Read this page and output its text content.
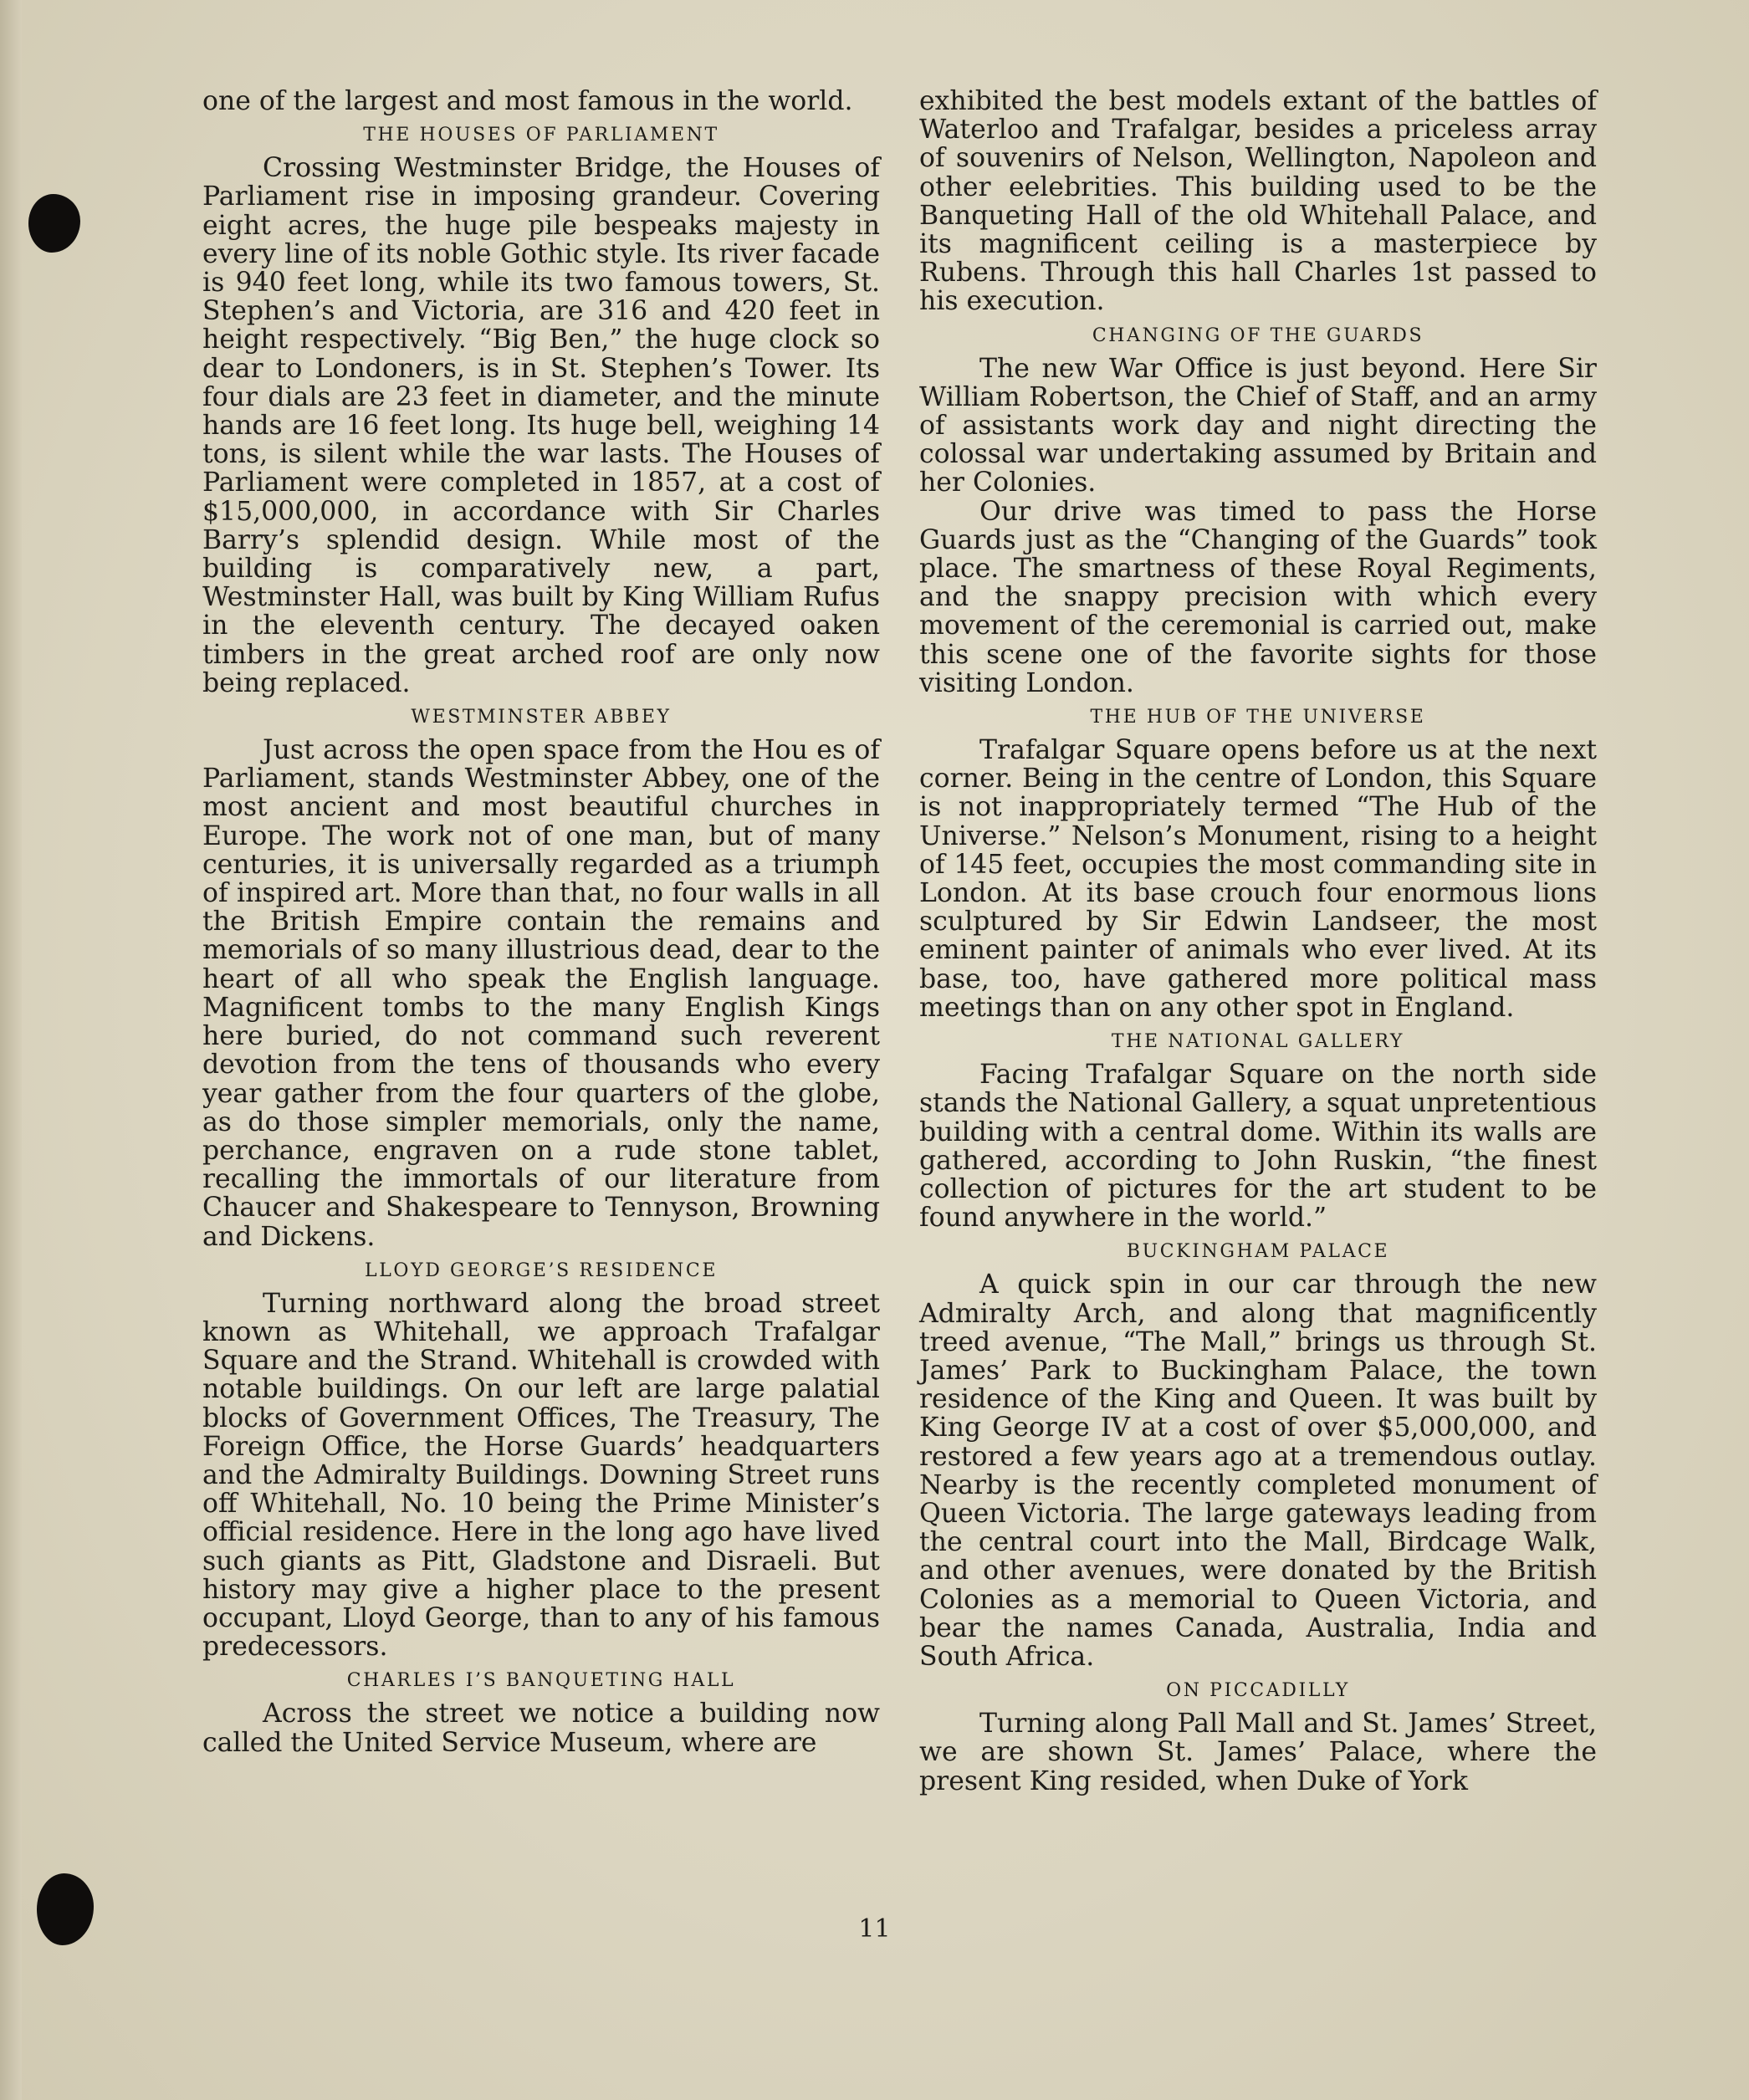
one of the largest and most famous in the world.

THE HOUSES OF PARLIAMENT

Crossing Westminster Bridge, the Houses of Parliament rise in imposing grandeur. Covering eight acres, the huge pile bespeaks majesty in every line of its noble Gothic style. Its river facade is 940 feet long, while its two famous towers, St. Stephen’s and Victoria, are 316 and 420 feet in height respectively. “Big Ben,” the huge clock so dear to Londoners, is in St. Stephen’s Tower. Its four dials are 23 feet in diameter, and the minute hands are 16 feet long. Its huge bell, weighing 14 tons, is silent while the war lasts. The Houses of Parliament were completed in 1857, at a cost of $15,000,000, in accordance with Sir Charles Barry’s splendid design. While most of the building is comparatively new, a part, Westminster Hall, was built by King William Rufus in the eleventh century. The decayed oaken timbers in the great arched roof are only now being replaced.

WESTMINSTER ABBEY

Just across the open space from the Hou es of Parliament, stands Westminster Abbey, one of the most ancient and most beautiful churches in Europe. The work not of one man, but of many centuries, it is universally regarded as a triumph of inspired art. More than that, no four walls in all the British Empire contain the remains and memorials of so many illustrious dead, dear to the heart of all who speak the English language. Magnificent tombs to the many English Kings here buried, do not command such reverent devotion from the tens of thousands who every year gather from the four quarters of the globe, as do those simpler memorials, only the name, perchance, engraven on a rude stone tablet, recalling the immortals of our literature from Chaucer and Shakespeare to Tennyson, Browning and Dickens.

LLOYD GEORGE’S RESIDENCE

Turning northward along the broad street known as Whitehall, we approach Trafalgar Square and the Strand. Whitehall is crowded with notable buildings. On our left are large palatial blocks of Government Offices, The Treasury, The Foreign Office, the Horse Guards’ headquarters and the Admiralty Buildings. Downing Street runs off Whitehall, No. 10 being the Prime Minister’s official residence. Here in the long ago have lived such giants as Pitt, Gladstone and Disraeli. But history may give a higher place to the present occupant, Lloyd George, than to any of his famous predecessors.

CHARLES I’S BANQUETING HALL

Across the street we notice a building now called the United Service Museum, where are

exhibited the best models extant of the battles of Waterloo and Trafalgar, besides a priceless array of souvenirs of Nelson, Wellington, Napoleon and other eelebrities. This building used to be the Banqueting Hall of the old Whitehall Palace, and its magnificent ceiling is a masterpiece by Rubens. Through this hall Charles 1st passed to his execution.

CHANGING OF THE GUARDS

The new War Office is just beyond. Here Sir William Robertson, the Chief of Staff, and an army of assistants work day and night directing the colossal war undertaking assumed by Britain and her Colonies.

Our drive was timed to pass the Horse Guards just as the “Changing of the Guards” took place. The smartness of these Royal Regiments, and the snappy precision with which every movement of the ceremonial is carried out, make this scene one of the favorite sights for those visiting London.

THE HUB OF THE UNIVERSE

Trafalgar Square opens before us at the next corner. Being in the centre of London, this Square is not inappropriately termed “The Hub of the Universe.” Nelson’s Monument, rising to a height of 145 feet, occupies the most commanding site in London. At its base crouch four enormous lions sculptured by Sir Edwin Landseer, the most eminent painter of animals who ever lived. At its base, too, have gathered more political mass meetings than on any other spot in England.

THE NATIONAL GALLERY

Facing Trafalgar Square on the north side stands the National Gallery, a squat unpretentious building with a central dome. Within its walls are gathered, according to John Ruskin, “the finest collection of pictures for the art student to be found anywhere in the world.”

BUCKINGHAM PALACE

A quick spin in our car through the new Admiralty Arch, and along that magnificently treed avenue, “The Mall,” brings us through St. James’ Park to Buckingham Palace, the town residence of the King and Queen. It was built by King George IV at a cost of over $5,000,000, and restored a few years ago at a tremendous outlay. Nearby is the recently completed monument of Queen Victoria. The large gateways leading from the central court into the Mall, Birdcage Walk, and other avenues, were donated by the British Colonies as a memorial to Queen Victoria, and bear the names Canada, Australia, India and South Africa.

ON PICCADILLY

Turning along Pall Mall and St. James’ Street, we are shown St. James’ Palace, where the present King resided, when Duke of York

11
